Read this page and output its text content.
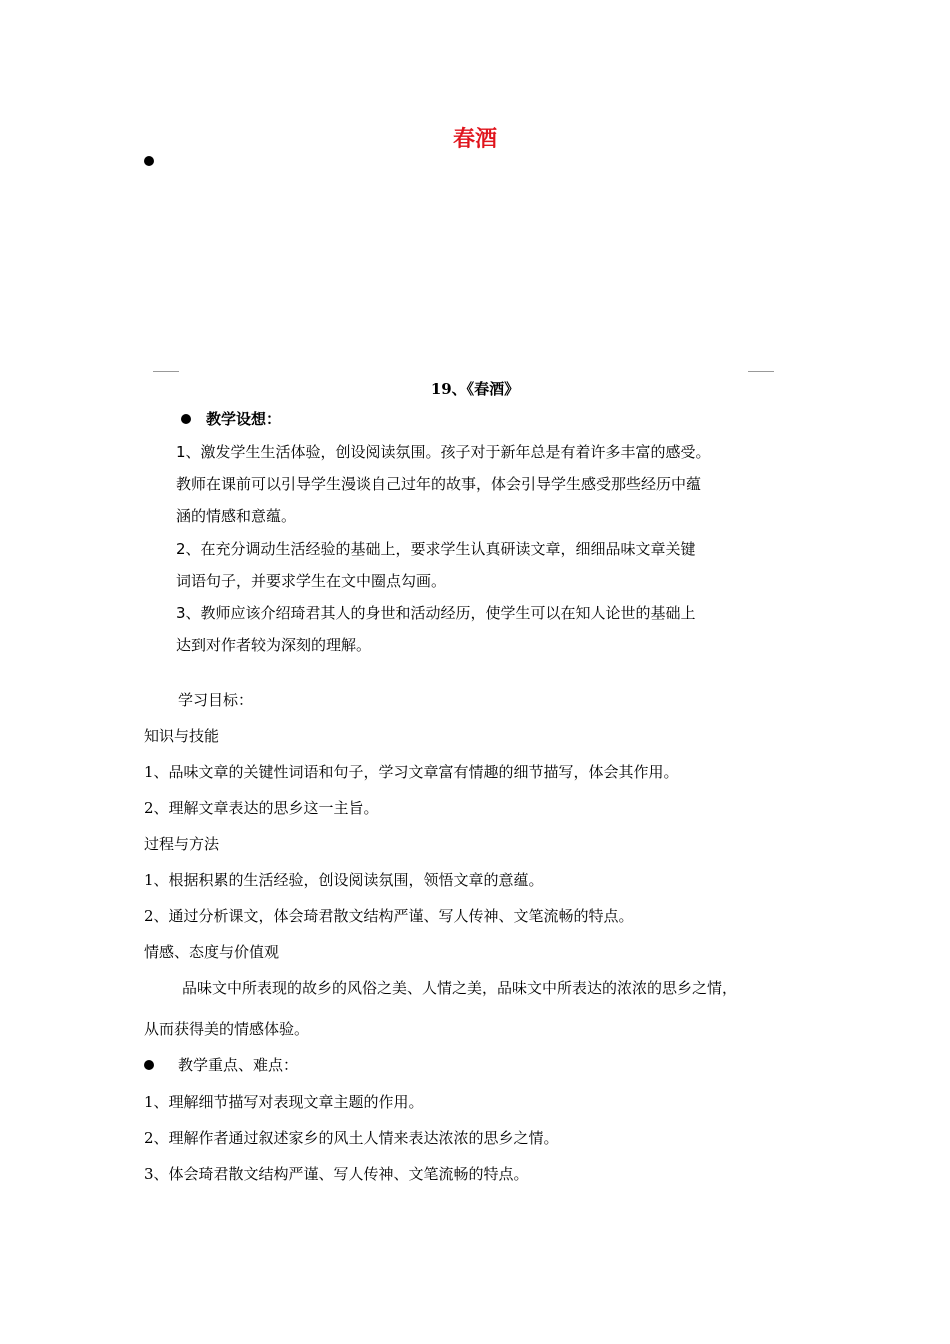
春酒
19、《春酒》
教学设想：
1、激发学生生活体验，创设阅读氛围。孩子对于新年总是有着许多丰富的感受。
教师在课前可以引导学生漫谈自己过年的故事，体会引导学生感受那些经历中蕴
涵的情感和意蕴。
2、在充分调动生活经验的基础上，要求学生认真研读文章，细细品味文章关键
词语句子，并要求学生在文中圈点勾画。
3、教师应该介绍琦君其人的身世和活动经历，使学生可以在知人论世的基础上
达到对作者较为深刻的理解。
学习目标：
知识与技能
1、品味文章的关键性词语和句子，学习文章富有情趣的细节描写，体会其作用。
2、理解文章表达的思乡这一主旨。
过程与方法
1、根据积累的生活经验，创设阅读氛围，领悟文章的意蕴。
2、通过分析课文，体会琦君散文结构严谨、写人传神、文笔流畅的特点。
情感、态度与价值观
品味文中所表现的故乡的风俗之美、人情之美，品味文中所表达的浓浓的思乡之情，
从而获得美的情感体验。
教学重点、难点：
1、理解细节描写对表现文章主题的作用。
2、理解作者通过叙述家乡的风土人情来表达浓浓的思乡之情。
3、体会琦君散文结构严谨、写人传神、文笔流畅的特点。
